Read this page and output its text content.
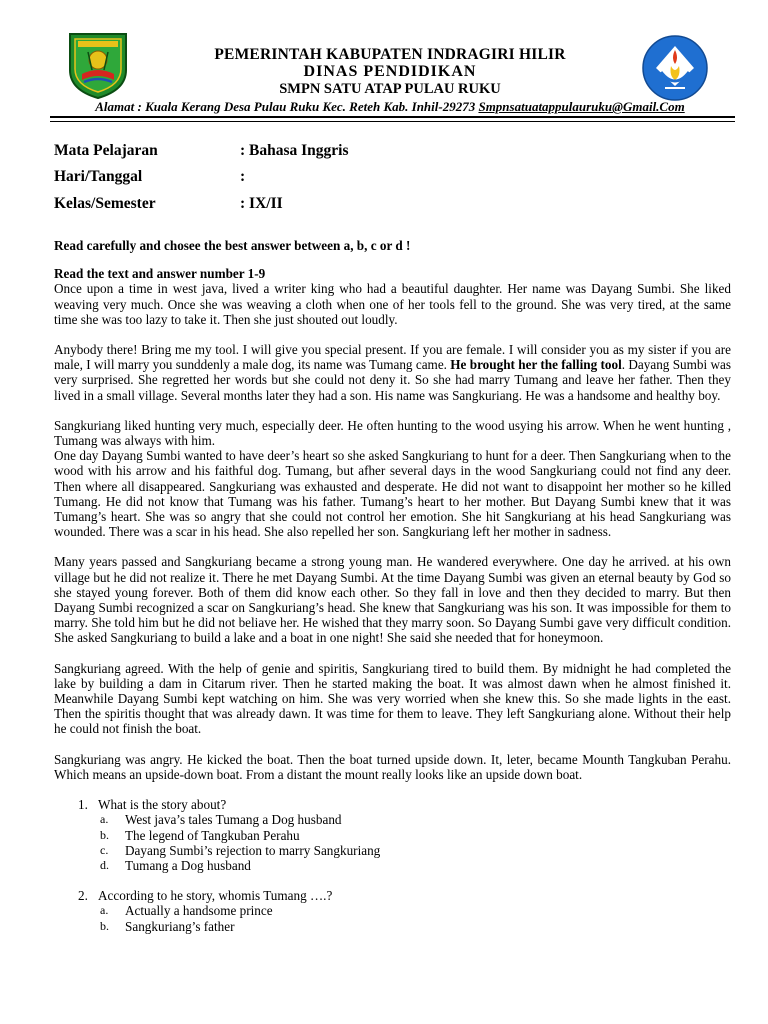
PEMERINTAH KABUPATEN INDRAGIRI HILIR
DINAS PENDIDIKAN
SMPN SATU ATAP PULAU RUKU
Alamat : Kuala Kerang Desa Pulau Ruku Kec. Reteh Kab. Inhil-29273 Smpnsatuatappulauruku@Gmail.Com
Mata Pelajaran	: Bahasa Inggris
Hari/Tanggal	:
Kelas/Semester	: IX/II

Read carefully and chosee the best answer between a, b, c or d !

Read the text and answer number 1-9

Once upon a time in west java, lived a writer king who had a beautiful daughter. Her name was Dayang Sumbi. She liked weaving very much. Once she was weaving a cloth when one of her tools fell to the ground. She was very tired, at the same time she was too lazy to take it. Then she just shouted out loudly.

Anybody there! Bring me my tool. I will give you special present. If you are female. I will consider you as my sister if you are male, I will marry you sunddenly a male dog, its name was Tumang came. He brought her the falling tool. Dayang Sumbi was very surprised. She regretted her words but she could not deny it. So she had marry Tumang and leave her father. Then they lived in a small village. Several months later they had a son. His name was Sangkuriang. He was a handsome and healthy boy.

Sangkuriang liked hunting very much, especially deer. He often hunting to the wood usying his arrow. When he went hunting , Tumang was always with him.

One day Dayang Sumbi wanted to have deer’s heart so she asked Sangkuriang to hunt for a deer. Then Sangkuriang when to the wood with his arrow and his faithful dog. Tumang, but afher several days in the wood Sangkuriang could not find any deer. Then where all disappeared. Sangkuriang was exhausted and desperate. He did not want to disappoint her mother so he killed Tumang. He did not know that Tumang was his father. Tumang’s heart to her mother. But Dayang Sumbi knew that it was Tumang’s heart. She was so angry that she could not control her emotion. She hit Sangkuriang at his head Sangkuriang was wounded. There was a scar in his head. She also repelled her son. Sangkuriang left her mother in sadness.

Many years passed and Sangkuriang became a strong young man. He wandered everywhere. One day he arrived. at his own village but he did not realize it. There he met Dayang Sumbi. At the time Dayang Sumbi was given an eternal beauty by God so she stayed young forever. Both of them did know each other. So they fall in love and then they decided to marry. But then Dayang Sumbi recognized a scar on Sangkuriang’s head. She knew that Sangkuriang was his son. It was impossible for them to marry. She told him but he did not beliave her. He wished that they marry soon. So Dayang Sumbi gave very difficult condition. She asked Sangkuriang to build a lake and a boat in one night! She said she needed that for honeymoon.

Sangkuriang agreed. With the help of genie and spiritis, Sangkuriang tired to build them. By midnight he had completed the lake by building a dam in Citarum river. Then he started making the boat. It was almost dawn when he almost finished it. Meanwhile Dayang Sumbi kept watching on him. She was very worried when she knew this. So she made lights in the east. Then the spiritis thought that was already dawn. It was time for them to leave. They left Sangkuriang alone. Without their help he could not finish the boat.

Sangkuriang was angry. He kicked the boat. Then the boat turned upside down. It, leter, became Mounth Tangkuban Perahu. Which means an upside-down boat. From a distant the mount really looks like an upside down boat.

1. What is the story about?
a. West java’s tales Tumang a Dog husband
b. The legend of Tangkuban Perahu
c. Dayang Sumbi’s rejection to marry Sangkuriang
d. Tumang a Dog husband
2. According to he story, whomis Tumang ….?
a. Actually a handsome prince
b. Sangkuriang’s father
